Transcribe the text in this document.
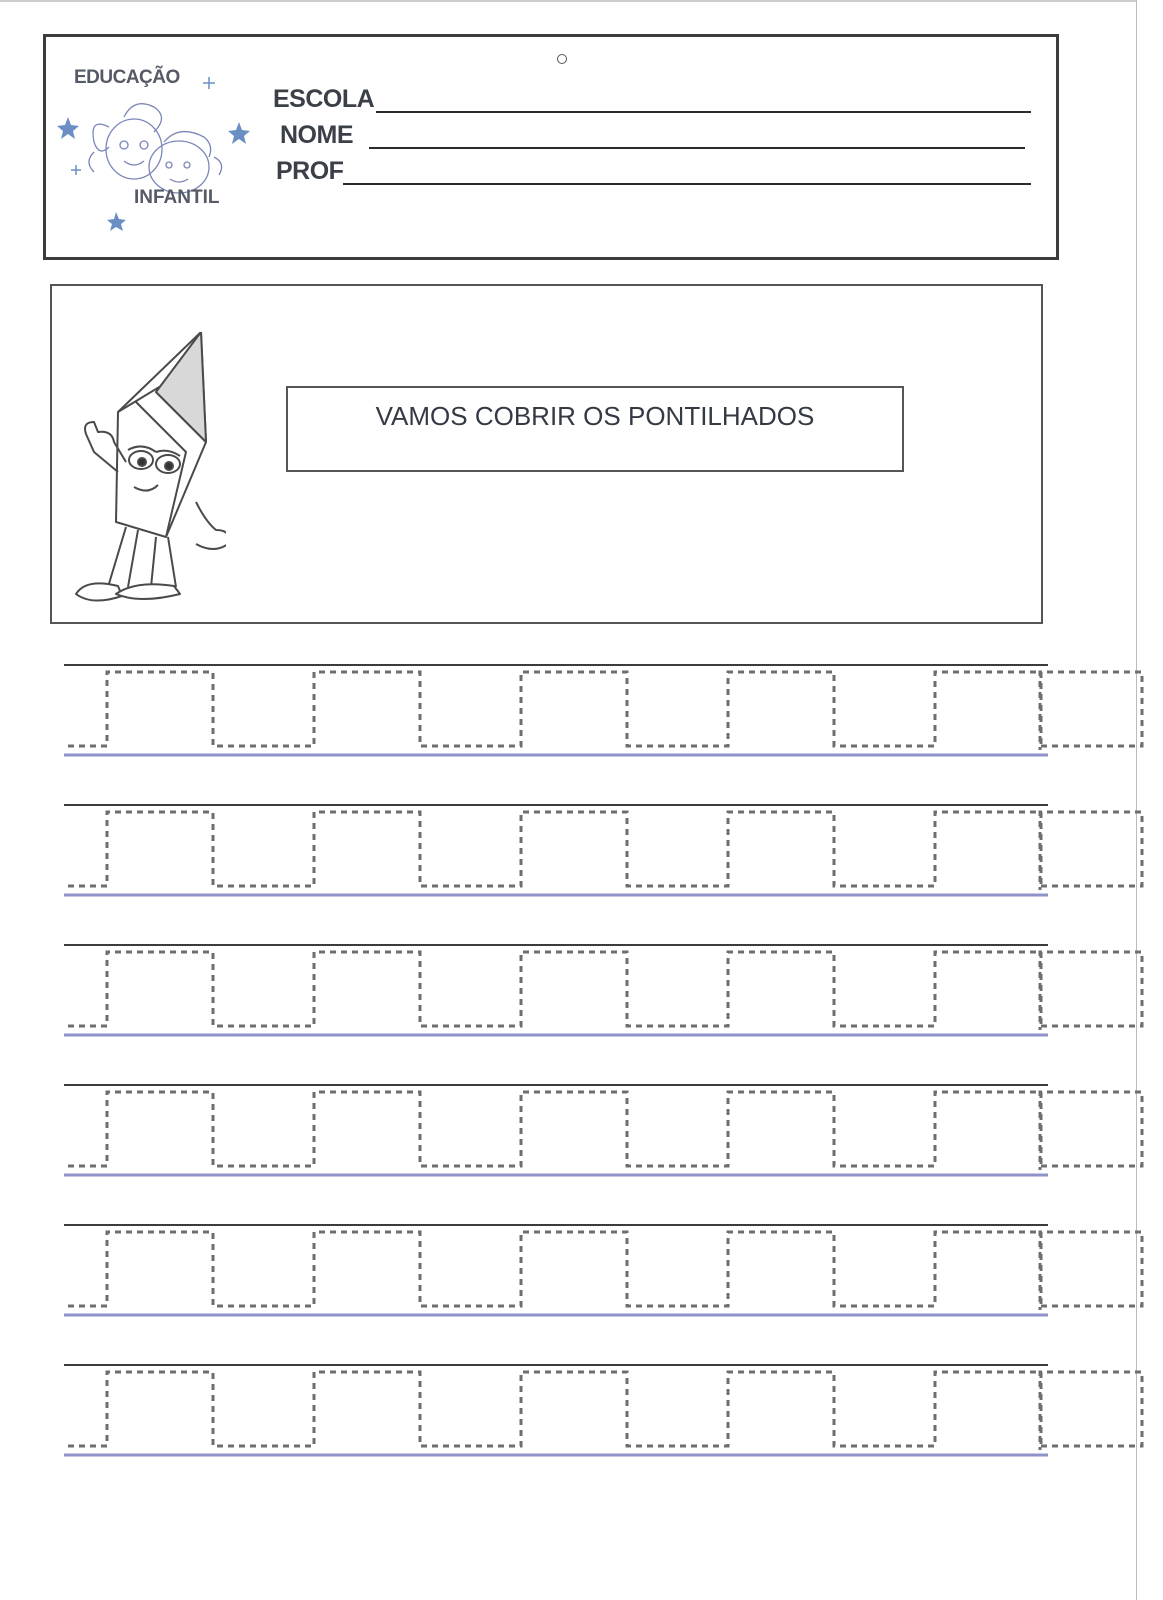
EDUCAÇÃO
INFANTIL
ESCOLA
NOME
PROF
VAMOS COBRIR OS PONTILHADOS
